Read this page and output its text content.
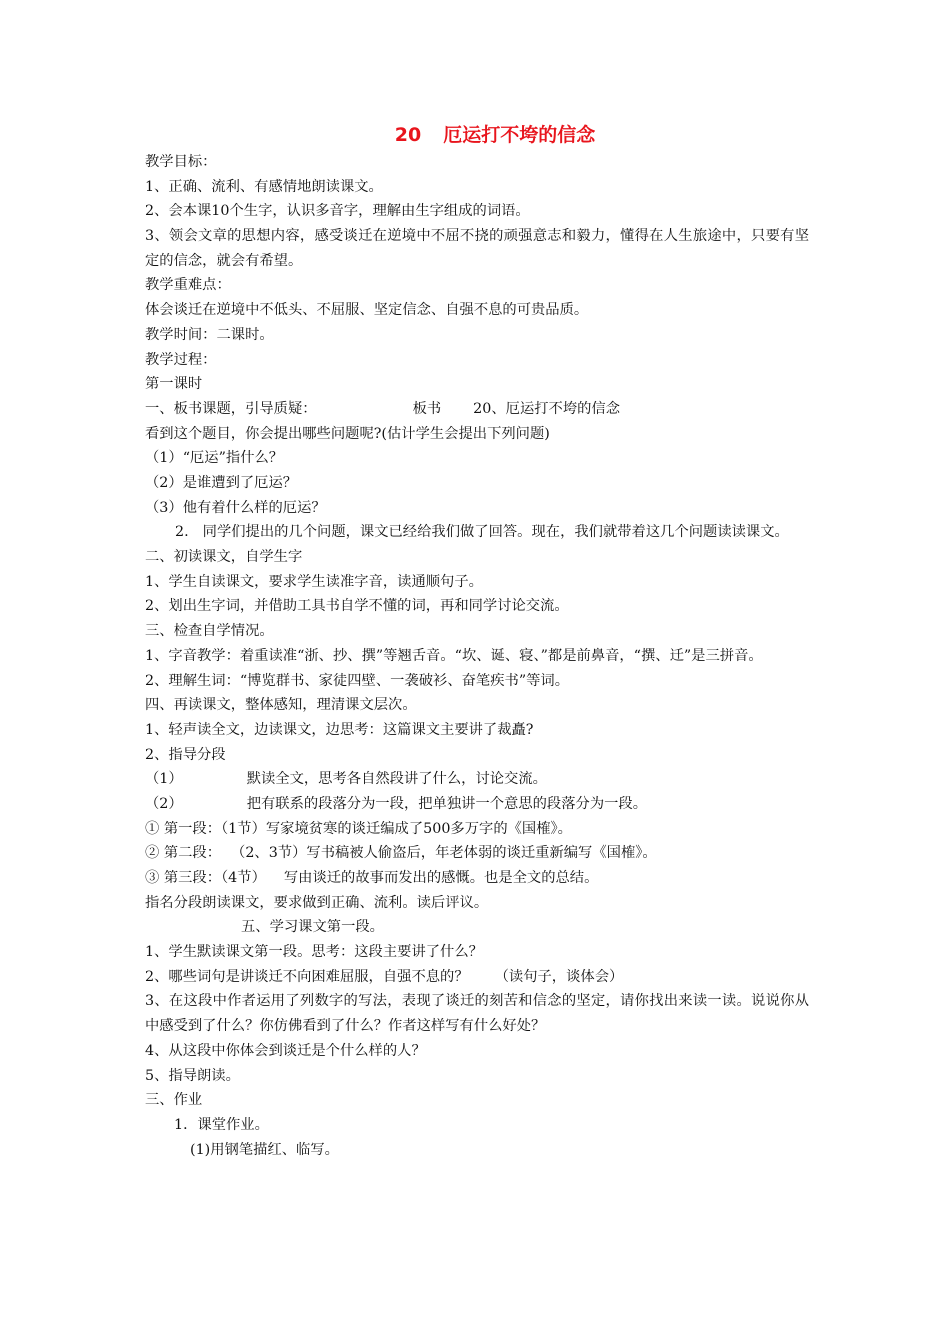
20 厄运打不垮的信念
教学目标：
1、正确、流利、有感情地朗读课文。
2、会本课10个生字，认识多音字，理解由生字组成的词语。
3、领会文章的思想内容，感受谈迁在逆境中不屈不挠的顽强意志和毅力，懂得在人生旅途中，只要有坚定的信念，就会有希望。
教学重难点：
体会谈迁在逆境中不低头、不屈服、坚定信念、自强不息的可贵品质。
教学时间：二课时。
教学过程：
第一课时
一、板书课题，引导质疑：	板书 20、厄运打不垮的信念
看到这个题目，你会提出哪些问题呢?(估计学生会提出下列问题)
（1）“厄运”指什么？
（2）是谁遭到了厄运？
（3）他有着什么样的厄运？
2. 同学们提出的几个问题，课文已经给我们做了回答。现在，我们就带着这几个问题读读课文。
二、初读课文，自学生字
1、学生自读课文，要求学生读准字音，读通顺句子。
2、划出生字词，并借助工具书自学不懂的词，再和同学讨论交流。
三、检查自学情况。
1、字音教学：着重读准“浙、抄、撰”等翘舌音。“坎、诞、寝、”都是前鼻音，“撰、迁”是三拼音。
2、理解生词：“博览群书、家徒四壁、一袭破衫、奋笔疾书”等词。
四、再读课文，整体感知，理清课文层次。
1、轻声读全文，边读课文，边思考：这篇课文主要讲了裁矗?
2、指导分段
（1）	默读全文，思考各自然段讲了什么，讨论交流。
（2）	把有联系的段落分为一段，把单独讲一个意思的段落分为一段。
① 第一段：（1节）写家境贫寒的谈迁编成了500多万字的《国榷》。
② 第二段： （2、3节）写书稿被人偷盗后，年老体弱的谈迁重新编写《国榷》。
③ 第三段：（4节） 写由谈迁的故事而发出的感慨。也是全文的总结。
指名分段朗读课文，要求做到正确、流利。读后评议。
五、学习课文第一段。
1、学生默读课文第一段。思考：这段主要讲了什么？
2、哪些词句是讲谈迁不向困难屈服，自强不息的？ （读句子，谈体会）
3、在这段中作者运用了列数字的写法，表现了谈迁的刻苦和信念的坚定，请你找出来读一读。说说你从中感受到了什么？你仿佛看到了什么？作者这样写有什么好处？
4、从这段中你体会到谈迁是个什么样的人？
5、指导朗读。
三、作业
1．课堂作业。
(1)用钢笔描红、临写。
